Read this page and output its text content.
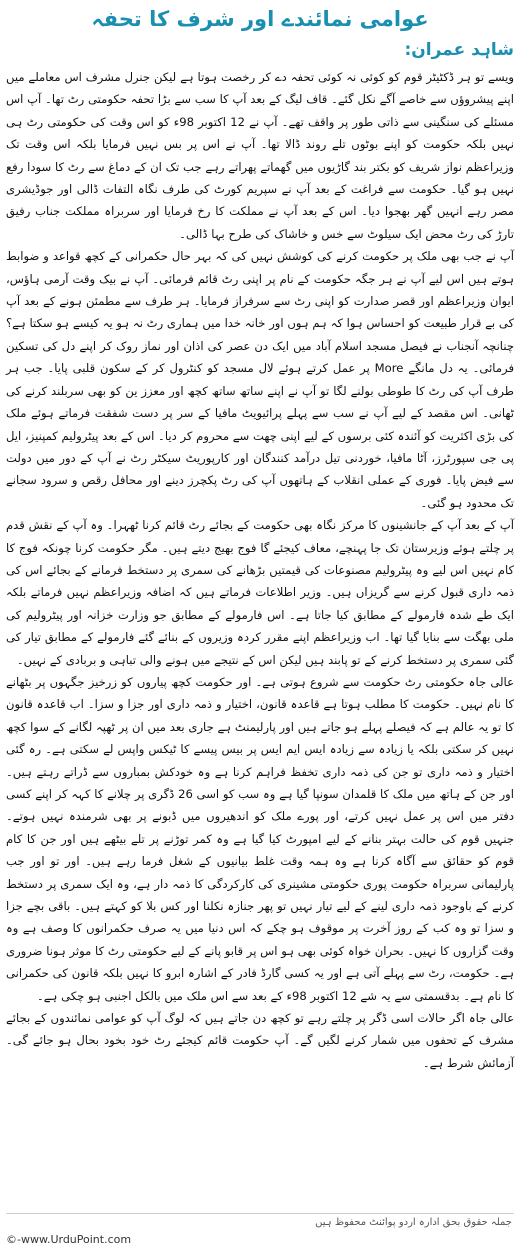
عوامی نمائندے اور شرف کا تحفہ
شاہد عمران:

ویسے تو ہر ڈکٹیٹر قوم کو کوئی نہ کوئی تحفہ دے کر رخصت ہوتا ہے لیکن جنرل مشرف اس معاملے میں اپنے پیشروؤں سے خاصے آگے نکل گئے۔ قاف لیگ کے بعد آپ کا سب سے بڑا تحفہ حکومتی رٹ تھا۔ آپ اس مسئلے کی سنگینی سے ذاتی طور پر واقف تھے۔ آپ نے 12 اکتوبر 98ء کو اس وقت کی حکومتی رٹ ہی نہیں بلکہ حکومت کو اپنے بوٹوں تلے روند ڈالا تھا۔ آپ نے اس پر بس نہیں فرمایا بلکہ اس وقت تک وزیراعظم نواز شریف کو بکتر بند گاڑیوں میں گھماتے پھراتے رہے جب تک ان کے دماغ سے رٹ کا سودا رفع نہیں ہو گیا۔ حکومت سے فراغت کے بعد آپ نے سپریم کورٹ کی طرف نگاہ التفات ڈالی اور جوڈیشری مصر رہے انہیں گھر بھجوا دیا۔ اس کے بعد آپ نے مملکت کا رخ فرمایا اور سربراہ مملکت جناب رفیق تارڑ کی رٹ محض ایک سیلوٹ سے خس و خاشاک کی طرح بہا ڈالی۔

آپ نے جب بھی ملک پر حکومت کرنے کی کوشش نہیں کی کہ بہر حال حکمرانی کے کچھ قواعد و ضوابط ہوتے ہیں اس لیے آپ نے ہر جگہ حکومت کے نام پر اپنی رٹ قائم فرمائی۔ آپ نے بیک وقت آرمی ہاؤس، ایوان وزیراعظم اور قصر صدارت کو اپنی رٹ سے سرفراز فرمایا۔ ہر طرف سے مطمئن ہونے کے بعد آپ کی بے قرار طبیعت کو احساس ہوا کہ ہم ہوں اور خانہ خدا میں ہماری رٹ نہ ہو یہ کیسے ہو سکتا ہے؟ چنانچہ آنجناب نے فیصل مسجد اسلام آباد میں ایک دن عصر کی اذان اور نماز روک کر اپنے دل کی تسکین فرمائی۔ یہ دل مانگے More پر عمل کرتے ہوئے لال مسجد کو کنٹرول کر کے سکون قلبی پایا۔ جب ہر طرف آپ کی رٹ کا طوطی بولنے لگا تو آپ نے اپنے ساتھ ساتھ کچھ اور معزز ین کو بھی سربلند کرنے کی ٹھانی۔ اس مقصد کے لیے آپ نے سب سے پہلے پرائیویٹ مافیا کے سر پر دست شفقت فرماتے ہوئے ملک کی بڑی اکثریت کو آئندہ کئی برسوں کے لیے اپنی چھت سے محروم کر دیا۔ اس کے بعد پیٹرولیم کمپنیز، ایل پی جی سپورٹرز، آٹا مافیا، خوردنی تیل درآمد کنندگان اور کارپوریٹ سیکٹر رٹ نے آپ کے دور میں دولت سے فیض پایا۔ فوری کے عملی انقلاب کے ہاتھوں آپ کی رٹ پکچرز دینے اور محافل رقص و سرود سجانے تک محدود ہو گئی۔

آپ کے بعد آپ کے جانشینوں کا مرکز نگاہ بھی حکومت کے بجائے رٹ قائم کرنا ٹھہرا۔ وہ آپ کے نقش قدم پر چلتے ہوئے وزیرستان تک جا پہنچے، معاف کیجئے گا فوج بھیج دیتے ہیں۔ مگر حکومت کرنا چونکہ فوج کا کام نہیں اس لیے وہ پیٹرولیم مصنوعات کی قیمتیں بڑھانے کی سمری پر دستخط فرمانے کے بجائے اس کی ذمہ داری قبول کرنے سے گریزاں ہیں۔ وزیر اطلاعات فرماتے ہیں کہ اضافہ وزیراعظم نہیں فرماتے بلکہ ایک طے شدہ فارمولے کے مطابق کیا جاتا ہے۔ اس فارمولے کے مطابق جو وزارت خزانہ اور پیٹرولیم کی ملی بھگت سے بنایا گیا تھا۔ اب وزیراعظم اپنے مقرر کردہ وزیروں کے بنائے گئے فارمولے کے مطابق تیار کی گئی سمری پر دستخط کرنے کے تو پابند ہیں لیکن اس کے نتیجے میں ہونے والی تباہی و بربادی کے نہیں۔

عالی جاہ حکومتی رٹ حکومت سے شروع ہوتی ہے۔ اور حکومت کچھ پیاروں کو زرخیز جگہوں پر بٹھانے کا نام نہیں۔ حکومت کا مطلب ہوتا ہے قاعدہ قانون، اختیار و ذمہ داری اور جزا و سزا۔ اب قاعدہ قانون کا تو یہ عالم ہے کہ فیصلے پہلے ہو جاتے ہیں اور پارلیمنٹ ہے جاری بعد میں ان پر ٹھپہ لگانے کے سوا کچھ نہیں کر سکتی بلکہ یا زیادہ سے زیادہ ایس ایم ایس پر بیس پیسے کا ٹیکس واپس لے سکتی ہے۔ رہ گئی اختیار و ذمہ داری تو جن کی ذمہ داری تخفظ فراہم کرنا ہے وہ خودکش بمباروں سے ڈراتے رہتے ہیں۔ اور جن کے ہاتھ میں ملک کا قلمدان سونپا گیا ہے وہ سب کو اسی 26 ڈگری پر چلانے کا کہہ کر اپنے کسی دفتر میں اس پر عمل نہیں کرتے، اور پورے ملک کو اندھیروں میں ڈبونے پر بھی شرمندہ نہیں ہوتے۔ جنہیں قوم کی حالت بہتر بنانے کے لیے امپورٹ کیا گیا ہے وہ کمر توڑنے پر تلے بیٹھے ہیں اور جن کا کام قوم کو حقائق سے آگاہ کرنا ہے وہ ہمہ وقت غلط بیانیوں کے شغل فرما رہے ہیں۔ اور تو اور جب پارلیمانی سربراہ حکومت پوری حکومتی مشینری کی کارکردگی کا ذمہ دار ہے، وہ ایک سمری پر دستخط کرنے کے باوجود ذمہ داری لینے کے لیے تیار نہیں تو پھر جنازہ نکلنا اور کس بلا کو کہتے ہیں۔ باقی بچے جزا و سزا تو وہ کب کے روز آخرت پر موقوف ہو چکے کہ اس دنیا میں یہ صرف حکمرانوں کا وصف ہے وہ وقت گزاروں کا نہیں۔ بحران خواہ کوئی بھی ہو اس پر قابو پانے کے لیے حکومتی رٹ کا موثر ہونا ضروری ہے۔ حکومت، رٹ سے پہلے آتی ہے اور یہ کسی گارڈ فادر کے اشارہ ابرو کا نہیں بلکہ قانون کی حکمرانی کا نام ہے۔ بدقسمتی سے یہ شے 12 اکتوبر 98ء کے بعد سے اس ملک میں بالکل اجنبی ہو چکی ہے۔

عالی جاہ اگر حالات اسی ڈگر پر چلتے رہے تو کچھ دن جاتے ہیں کہ لوگ آپ کو عوامی نمائندوں کے بجائے مشرف کے تحفوں میں شمار کرنے لگیں گے۔ آپ حکومت قائم کیجئے رٹ خود بخود بحال ہو جائے گی۔ آزمائش شرط ہے۔

جملہ حقوق بحق ادارہ اردو پوائنٹ محفوظ ہیں
©-www.UrduPoint.com
